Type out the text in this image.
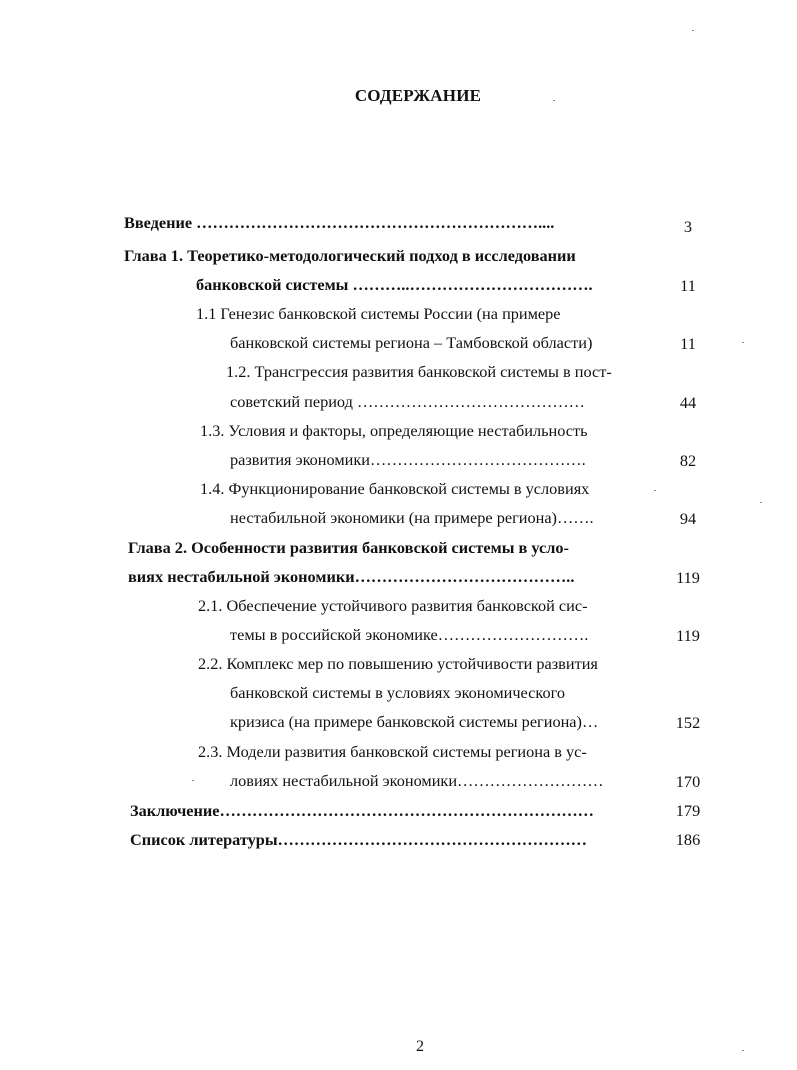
СОДЕРЖАНИЕ
Введение ………………………………………………………....	3
Глава 1. Теоретико-методологический подход в исследовании
банковской системы ………..…………………………….	11
1.1 Генезис банковской системы России (на примере
банковской системы региона – Тамбовской области)	11
1.2. Трансгрессия развития банковской системы в пост-
советский период ……………………………………	44
1.3. Условия и факторы, определяющие нестабильность
развития экономики………………………………….	82
1.4. Функционирование банковской системы в условиях
нестабильной экономики (на примере региона)…….	94
Глава 2. Особенности развития банковской системы в усло-
виях нестабильной экономики…………………………………..	119
2.1. Обеспечение устойчивого развития банковской сис-
темы в российской экономике……………………….	119
2.2. Комплекс мер по повышению устойчивости развития
банковской системы в условиях экономического
кризиса (на примере банковской системы региона)…	152
2.3. Модели развития банковской системы региона в ус-
ловиях нестабильной экономики………………………	170
Заключение……………………………………………………………	179
Список литературы…………………………………………………	186
2
